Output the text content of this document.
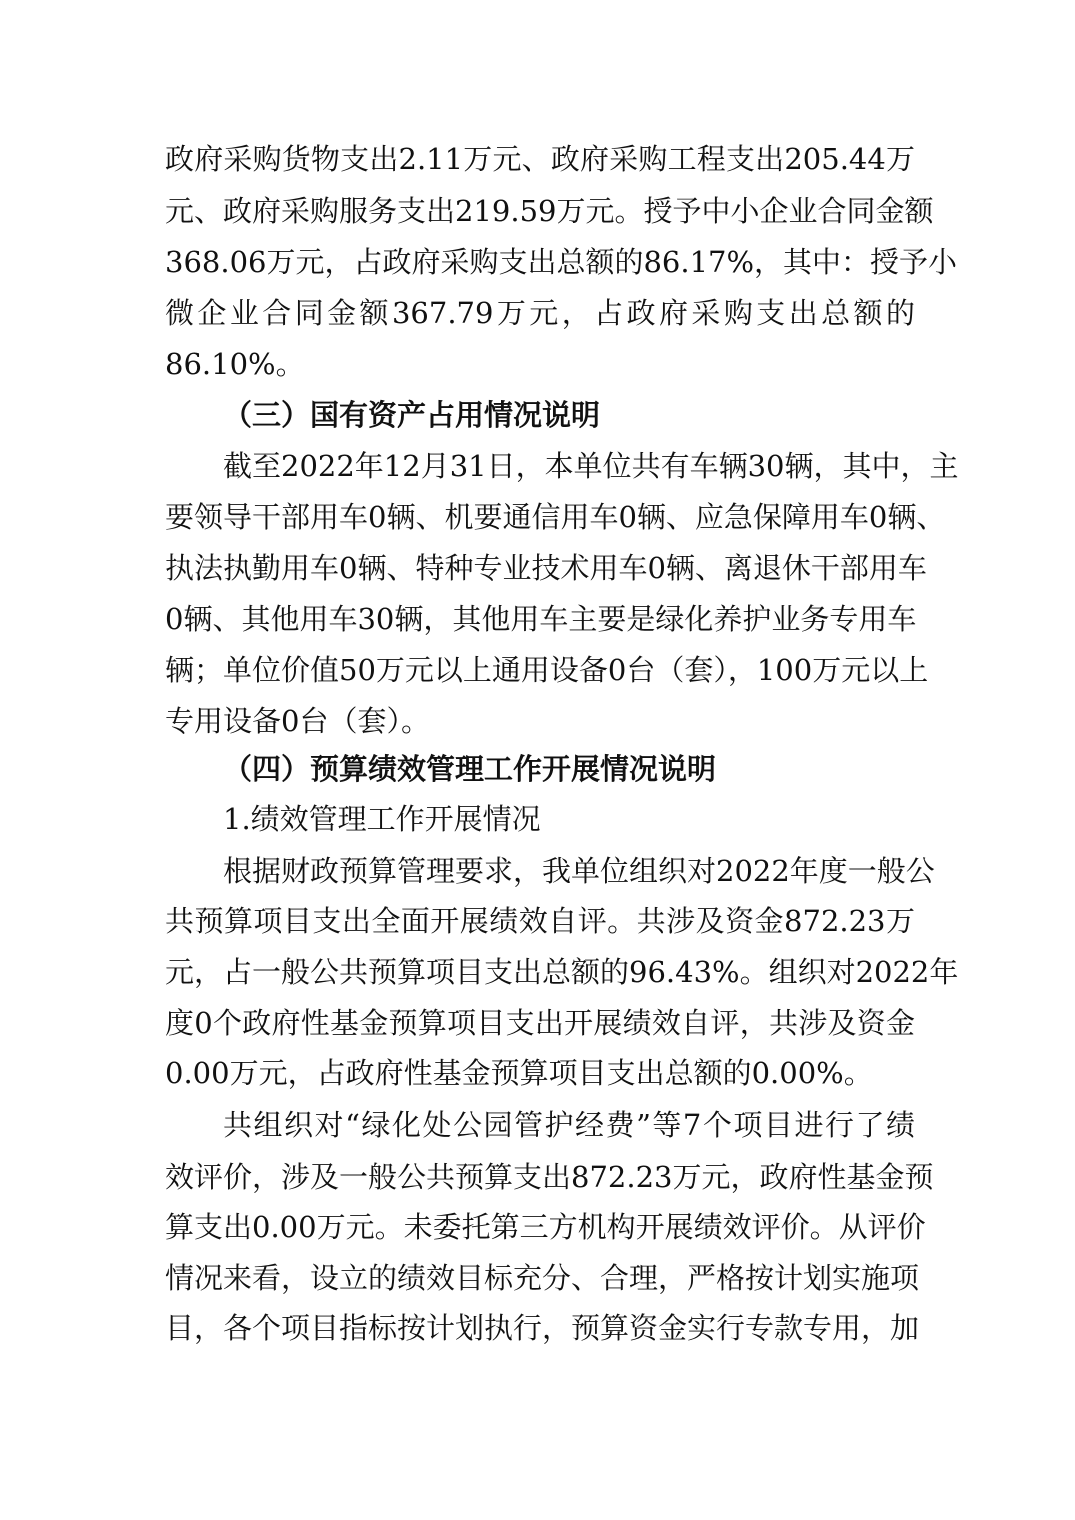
政府采购货物支出2.11万元、政府采购工程支出205.44万
元、政府采购服务支出219.59万元。授予中小企业合同金额
368.06万元，占政府采购支出总额的86.17%，其中：授予小
微企业合同金额367.79万元，占政府采购支出总额的
86.10%。
（三）国有资产占用情况说明
截至2022年12月31日，本单位共有车辆30辆，其中，主
要领导干部用车0辆、机要通信用车0辆、应急保障用车0辆、
执法执勤用车0辆、特种专业技术用车0辆、离退休干部用车
0辆、其他用车30辆，其他用车主要是绿化养护业务专用车
辆；单位价值50万元以上通用设备0台（套），100万元以上
专用设备0台（套）。
（四）预算绩效管理工作开展情况说明
1.绩效管理工作开展情况
根据财政预算管理要求，我单位组织对2022年度一般公
共预算项目支出全面开展绩效自评。共涉及资金872.23万
元，占一般公共预算项目支出总额的96.43%。组织对2022年
度0个政府性基金预算项目支出开展绩效自评，共涉及资金
0.00万元，占政府性基金预算项目支出总额的0.00%。
共组织对“绿化处公园管护经费”等7个项目进行了绩
效评价，涉及一般公共预算支出872.23万元，政府性基金预
算支出0.00万元。未委托第三方机构开展绩效评价。从评价
情况来看，设立的绩效目标充分、合理，严格按计划实施项
目，各个项目指标按计划执行，预算资金实行专款专用，加
